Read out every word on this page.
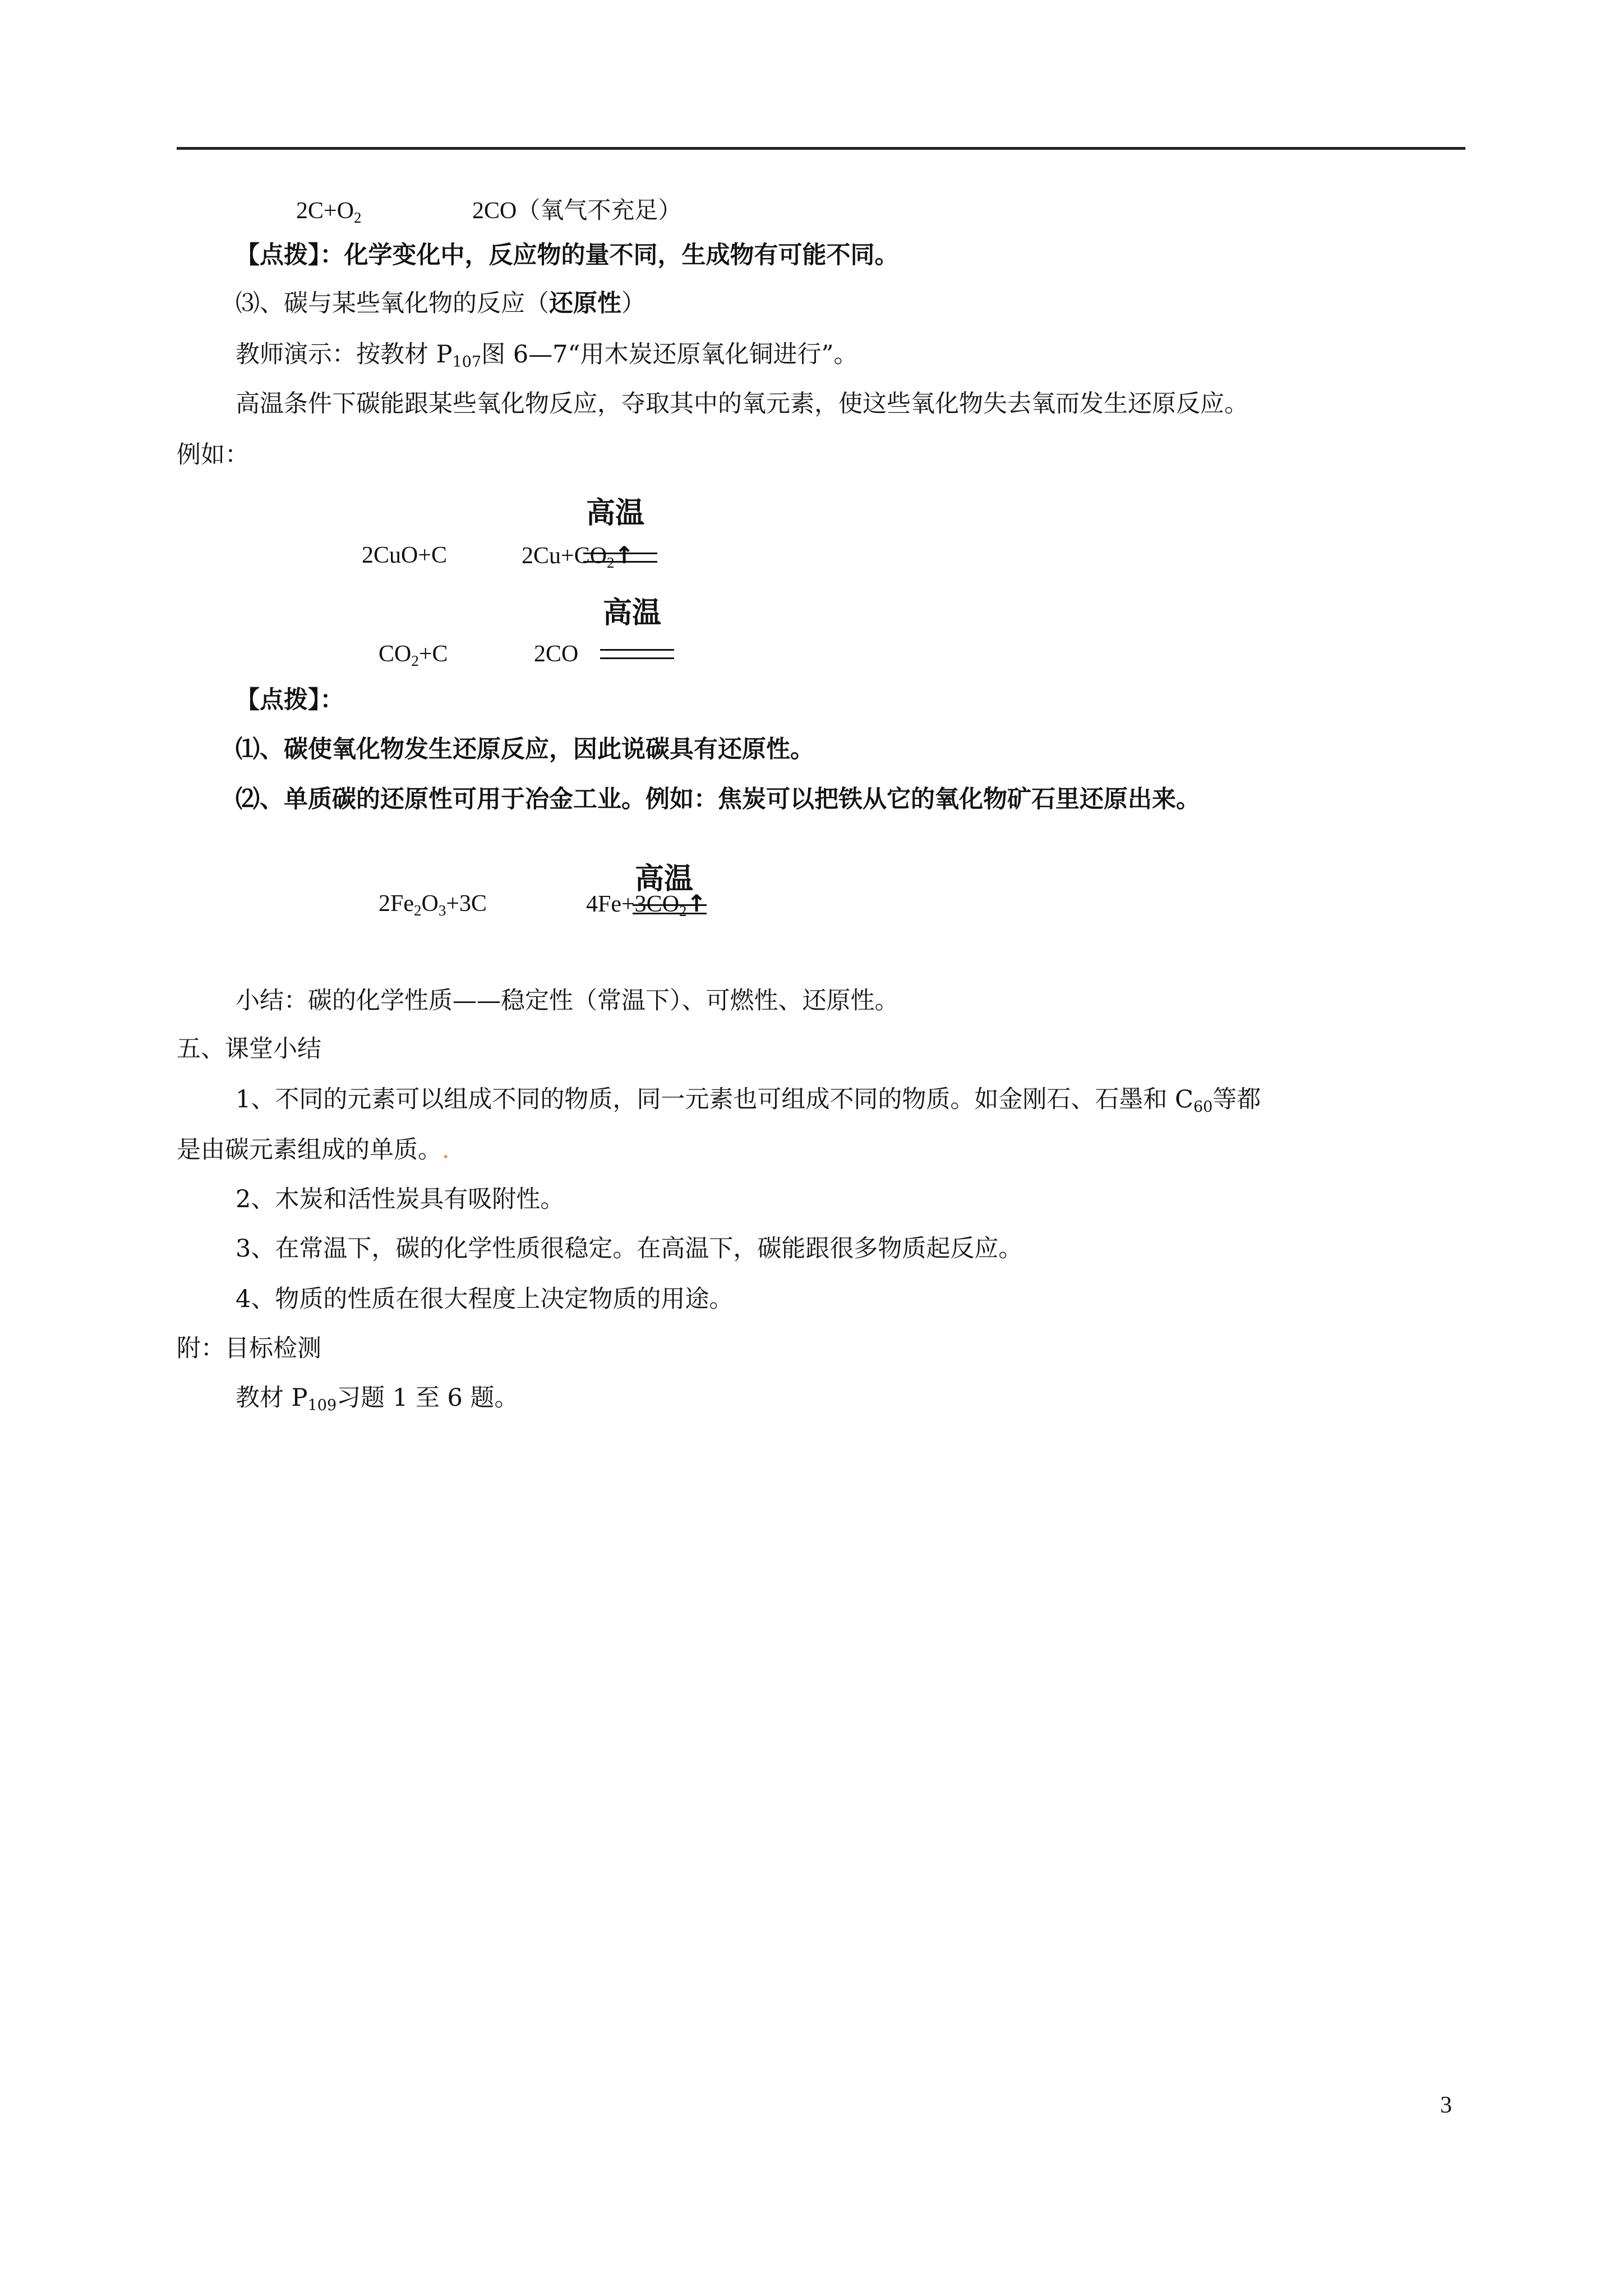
$2C+O_2$	2CO（氧气不充足）
【点拨】：化学变化中，反应物的量不同，生成物有可能不同。
⑶、碳与某些氧化物的反应（还原性）
教师演示：按教材 $P_{107}$图 6—7“用木炭还原氧化铜进行”。
高温条件下碳能跟某些氧化物反应，夺取其中的氧元素，使这些氧化物失去氧而发生还原反应。
例如：
高温
2CuO+C	$2Cu+CO_2↑$
高温
$CO_2+C$	2CO
【点拨】：
⑴、碳使氧化物发生还原反应，因此说碳具有还原性。
⑵、单质碳的还原性可用于冶金工业。例如：焦炭可以把铁从它的氧化物矿石里还原出来。
高温
$2Fe_2O_3+3C$	$4Fe+3CO_2↑$
小结：碳的化学性质——稳定性（常温下）、可燃性、还原性。
五、课堂小结
1、不同的元素可以组成不同的物质，同一元素也可组成不同的物质。如金刚石、石墨和 $C_{60}$等都
是由碳元素组成的单质。.
2、木炭和活性炭具有吸附性。
3、在常温下，碳的化学性质很稳定。在高温下，碳能跟很多物质起反应。
4、物质的性质在很大程度上决定物质的用途。
附：目标检测
教材 $P_{109}$习题 1 至 6 题。
3
